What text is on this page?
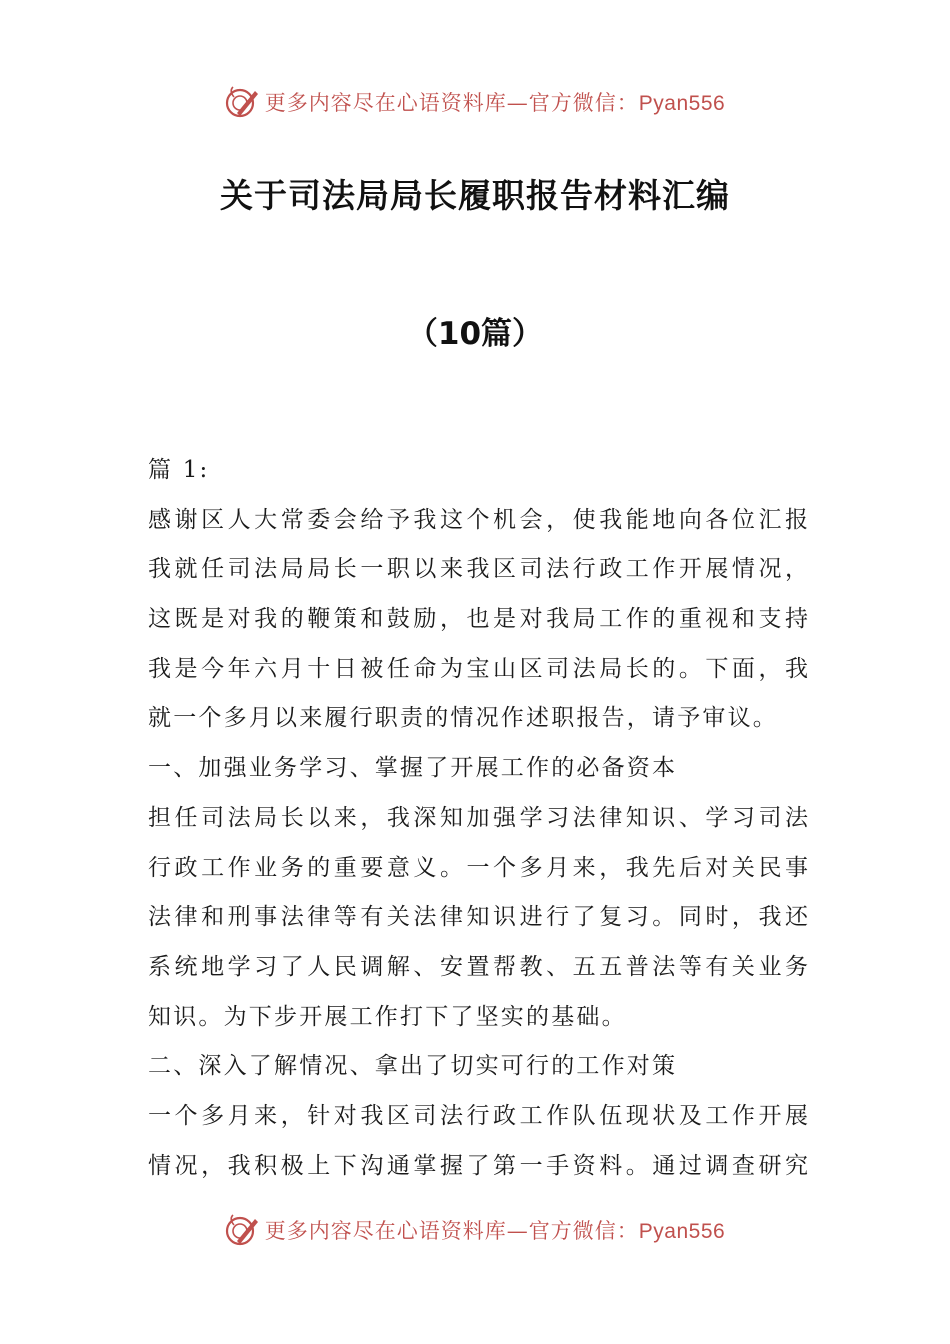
更多内容尽在心语资料库—官方微信：Pyan556
关于司法局局长履职报告材料汇编
（10篇）
篇 1:
感谢区人大常委会给予我这个机会，使我能地向各位汇报
我就任司法局局长一职以来我区司法行政工作开展情况，
这既是对我的鞭策和鼓励，也是对我局工作的重视和支持
我是今年六月十日被任命为宝山区司法局长的。下面，我
就一个多月以来履行职责的情况作述职报告，请予审议。
一、加强业务学习、掌握了开展工作的必备资本
担任司法局长以来，我深知加强学习法律知识、学习司法
行政工作业务的重要意义。一个多月来，我先后对关民事
法律和刑事法律等有关法律知识进行了复习。同时，我还
系统地学习了人民调解、安置帮教、五五普法等有关业务
知识。为下步开展工作打下了坚实的基础。
二、深入了解情况、拿出了切实可行的工作对策
一个多月来，针对我区司法行政工作队伍现状及工作开展
情况，我积极上下沟通掌握了第一手资料。通过调查研究
更多内容尽在心语资料库—官方微信：Pyan556
